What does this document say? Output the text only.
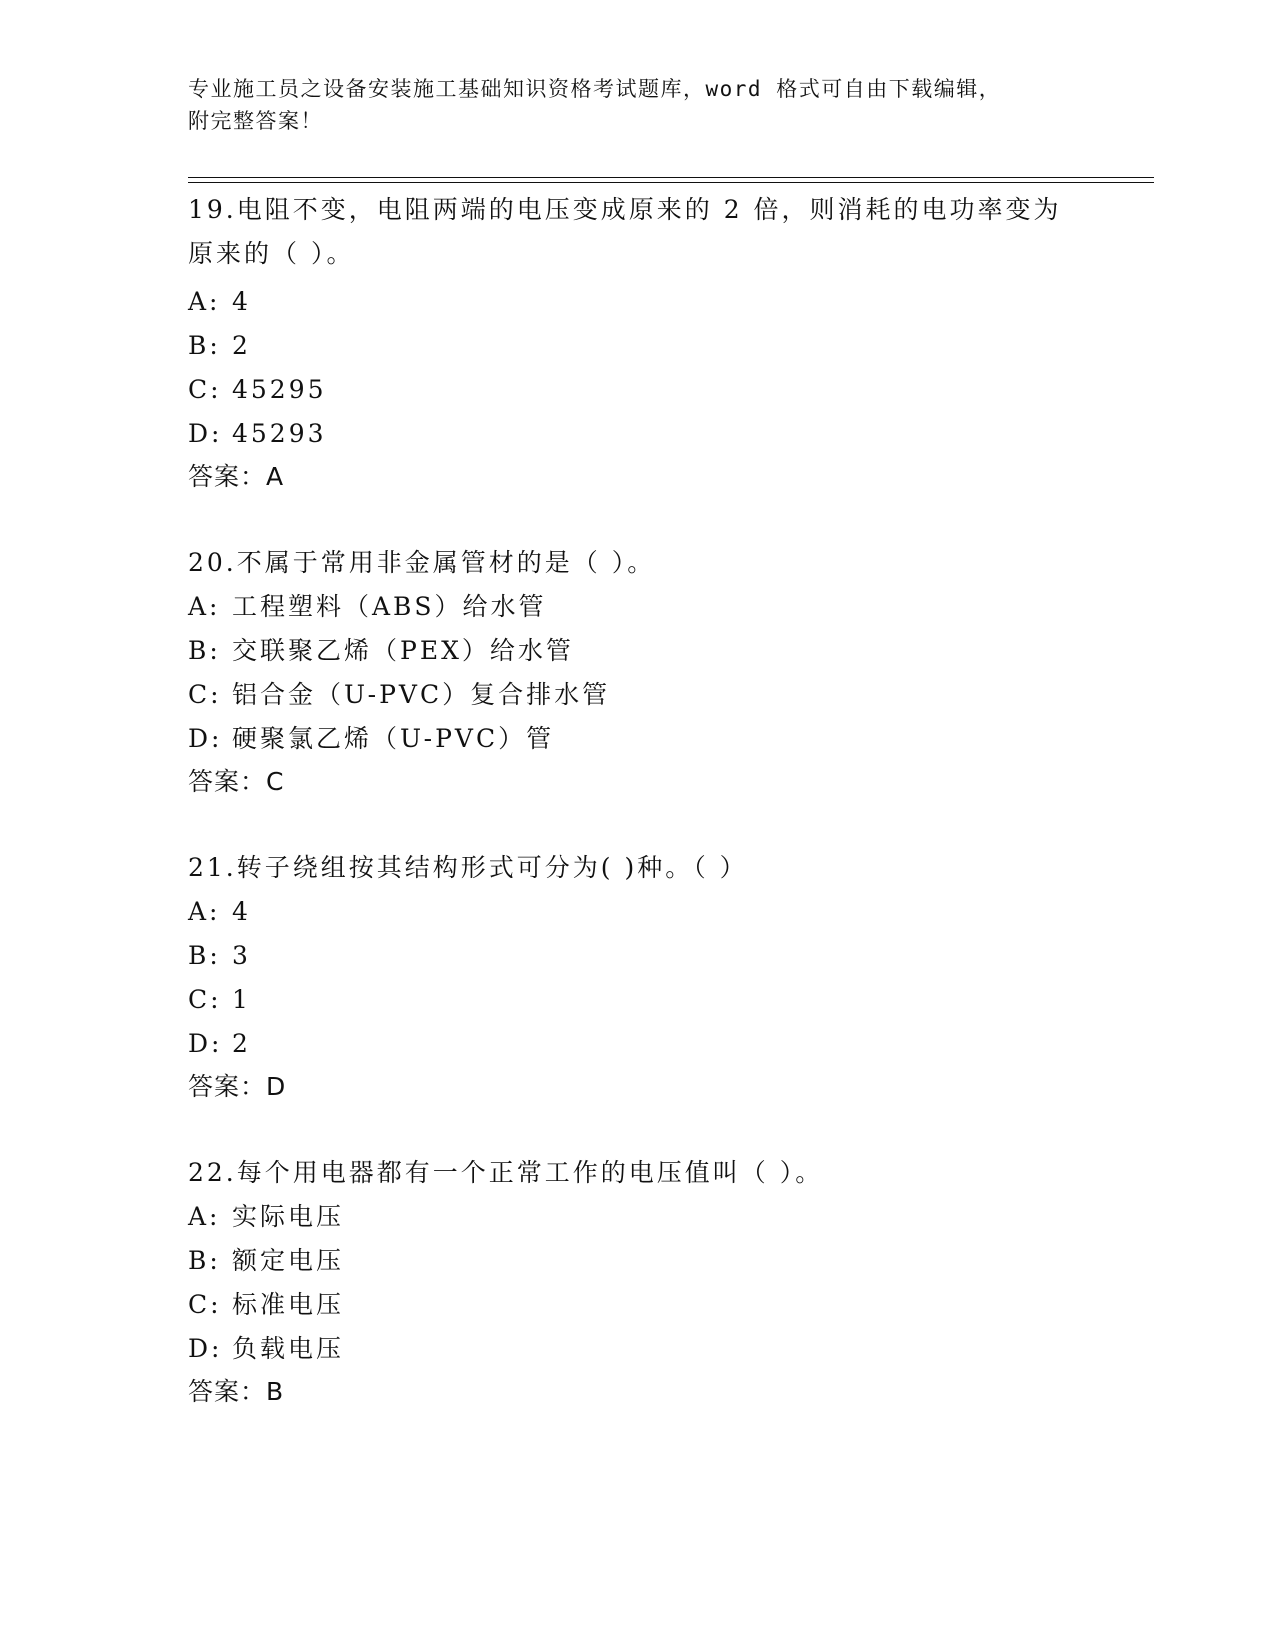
专业施工员之设备安装施工基础知识资格考试题库，word 格式可自由下载编辑，
附完整答案！
19.电阻不变，电阻两端的电压变成原来的 2 倍，则消耗的电功率变为
原来的（ ）。
A: 4
B: 2
C: 45295
D: 45293
答案：A
20.不属于常用非金属管材的是（ ）。
A: 工程塑料（ABS）给水管
B: 交联聚乙烯（PEX）给水管
C: 铝合金（U-PVC）复合排水管
D: 硬聚氯乙烯（U-PVC）管
答案：C
21.转子绕组按其结构形式可分为( )种。（ ）
A: 4
B: 3
C: 1
D: 2
答案：D
22.每个用电器都有一个正常工作的电压值叫（ ）。
A: 实际电压
B: 额定电压
C: 标准电压
D: 负载电压
答案：B
